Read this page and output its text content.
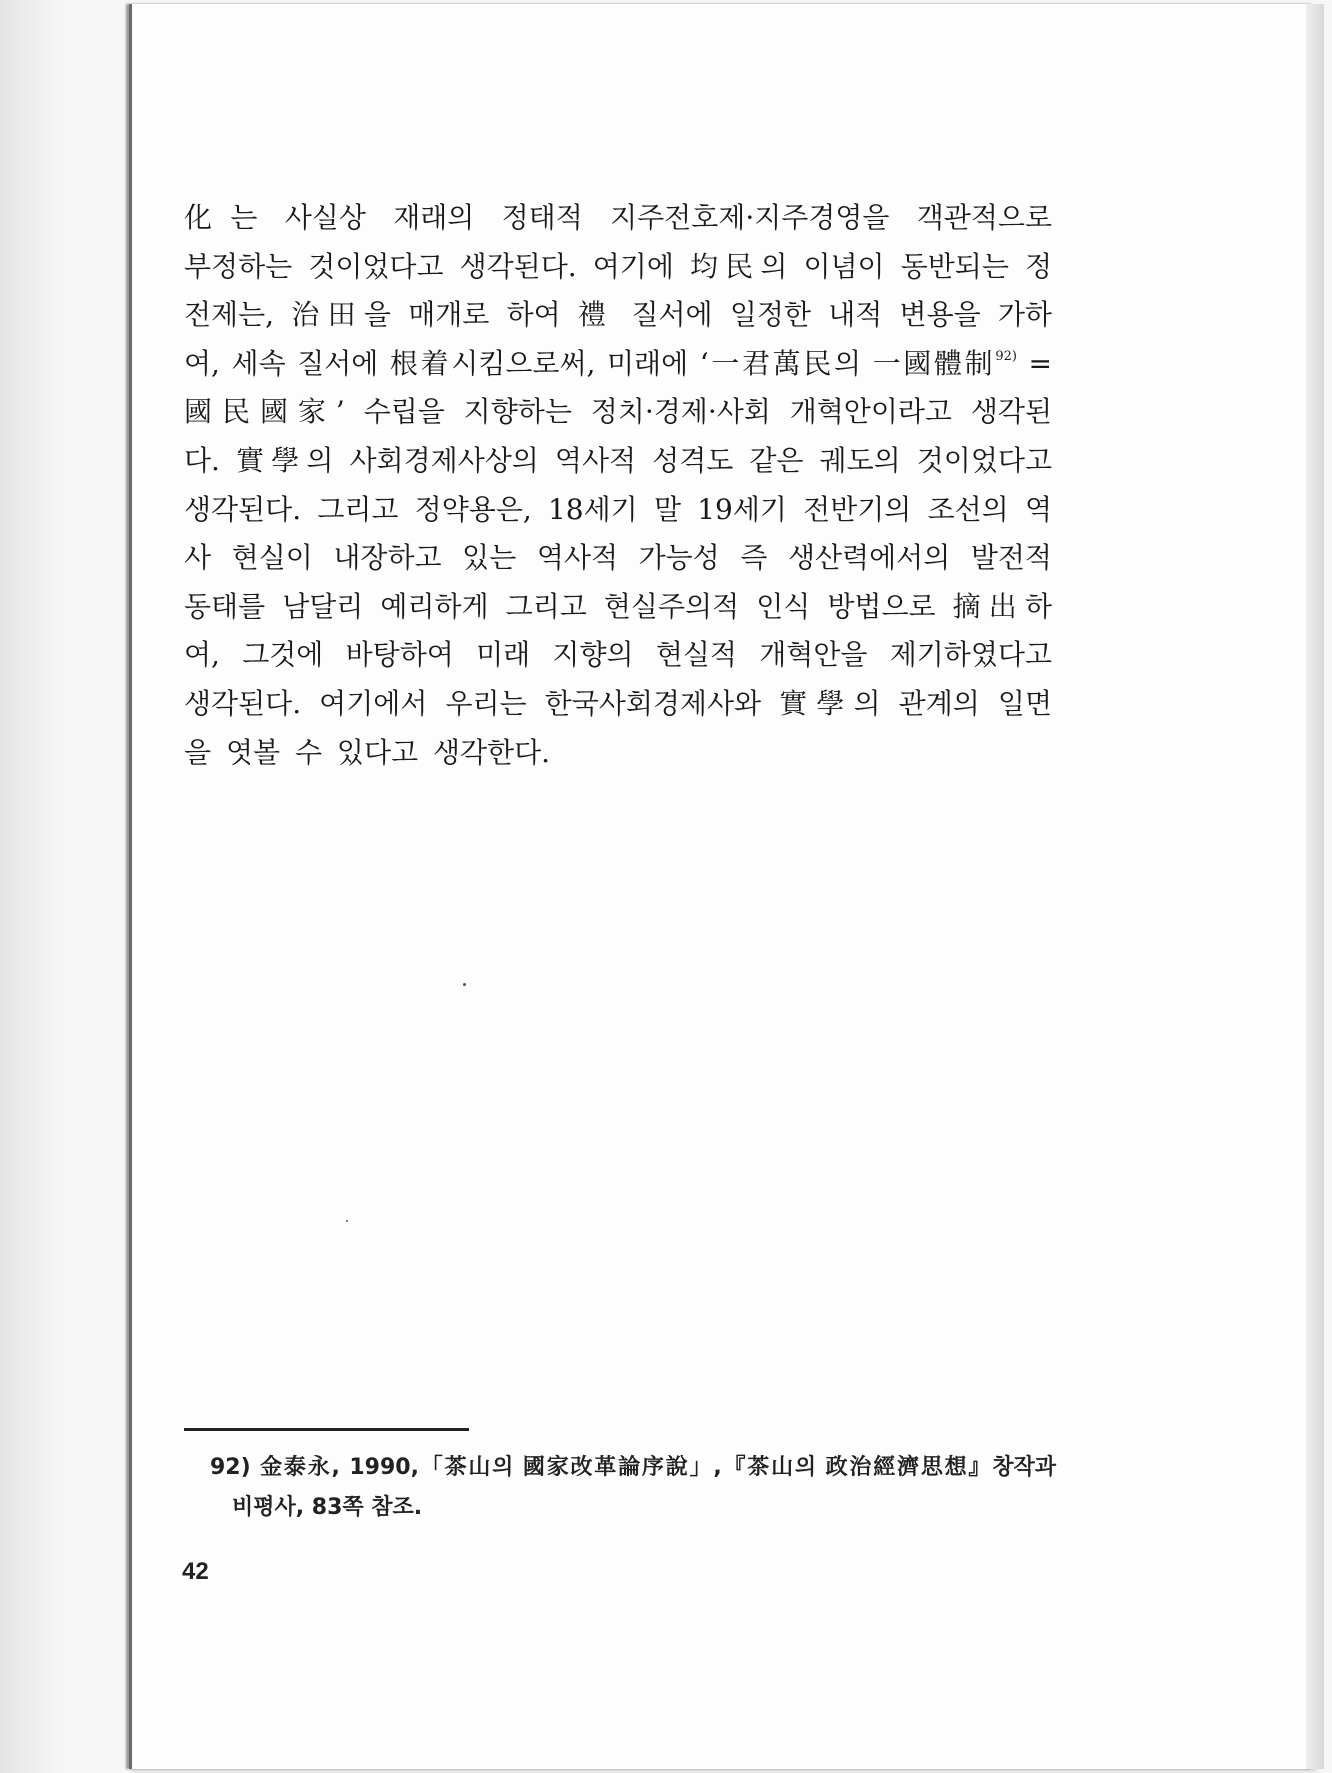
化는 사실상 재래의 정태적 지주전호제·지주경영을 객관적으로
부정하는 것이었다고 생각된다. 여기에 均民의 이념이 동반되는 정
전제는, 治田을 매개로 하여 禮 질서에 일정한 내적 변용을 가하
여, 세속 질서에 根着시킴으로써, 미래에 ‘一君萬民의 一國體制$^{92)}$ =
國民國家’ 수립을 지향하는 정치·경제·사회 개혁안이라고 생각된
다. 實學의 사회경제사상의 역사적 성격도 같은 궤도의 것이었다고
생각된다. 그리고 정약용은, 18세기 말 19세기 전반기의 조선의 역
사 현실이 내장하고 있는 역사적 가능성 즉 생산력에서의 발전적
동태를 남달리 예리하게 그리고 현실주의적 인식 방법으로 摘出하
여, 그것에 바탕하여 미래 지향의 현실적 개혁안을 제기하였다고
생각된다. 여기에서 우리는 한국사회경제사와 實學의 관계의 일면
을 엿볼 수 있다고 생각한다.
92) 金泰永, 1990,「茶山의 國家改革論序說」,『茶山의 政治經濟思想』창작과
비평사, 83쪽 참조.
42
